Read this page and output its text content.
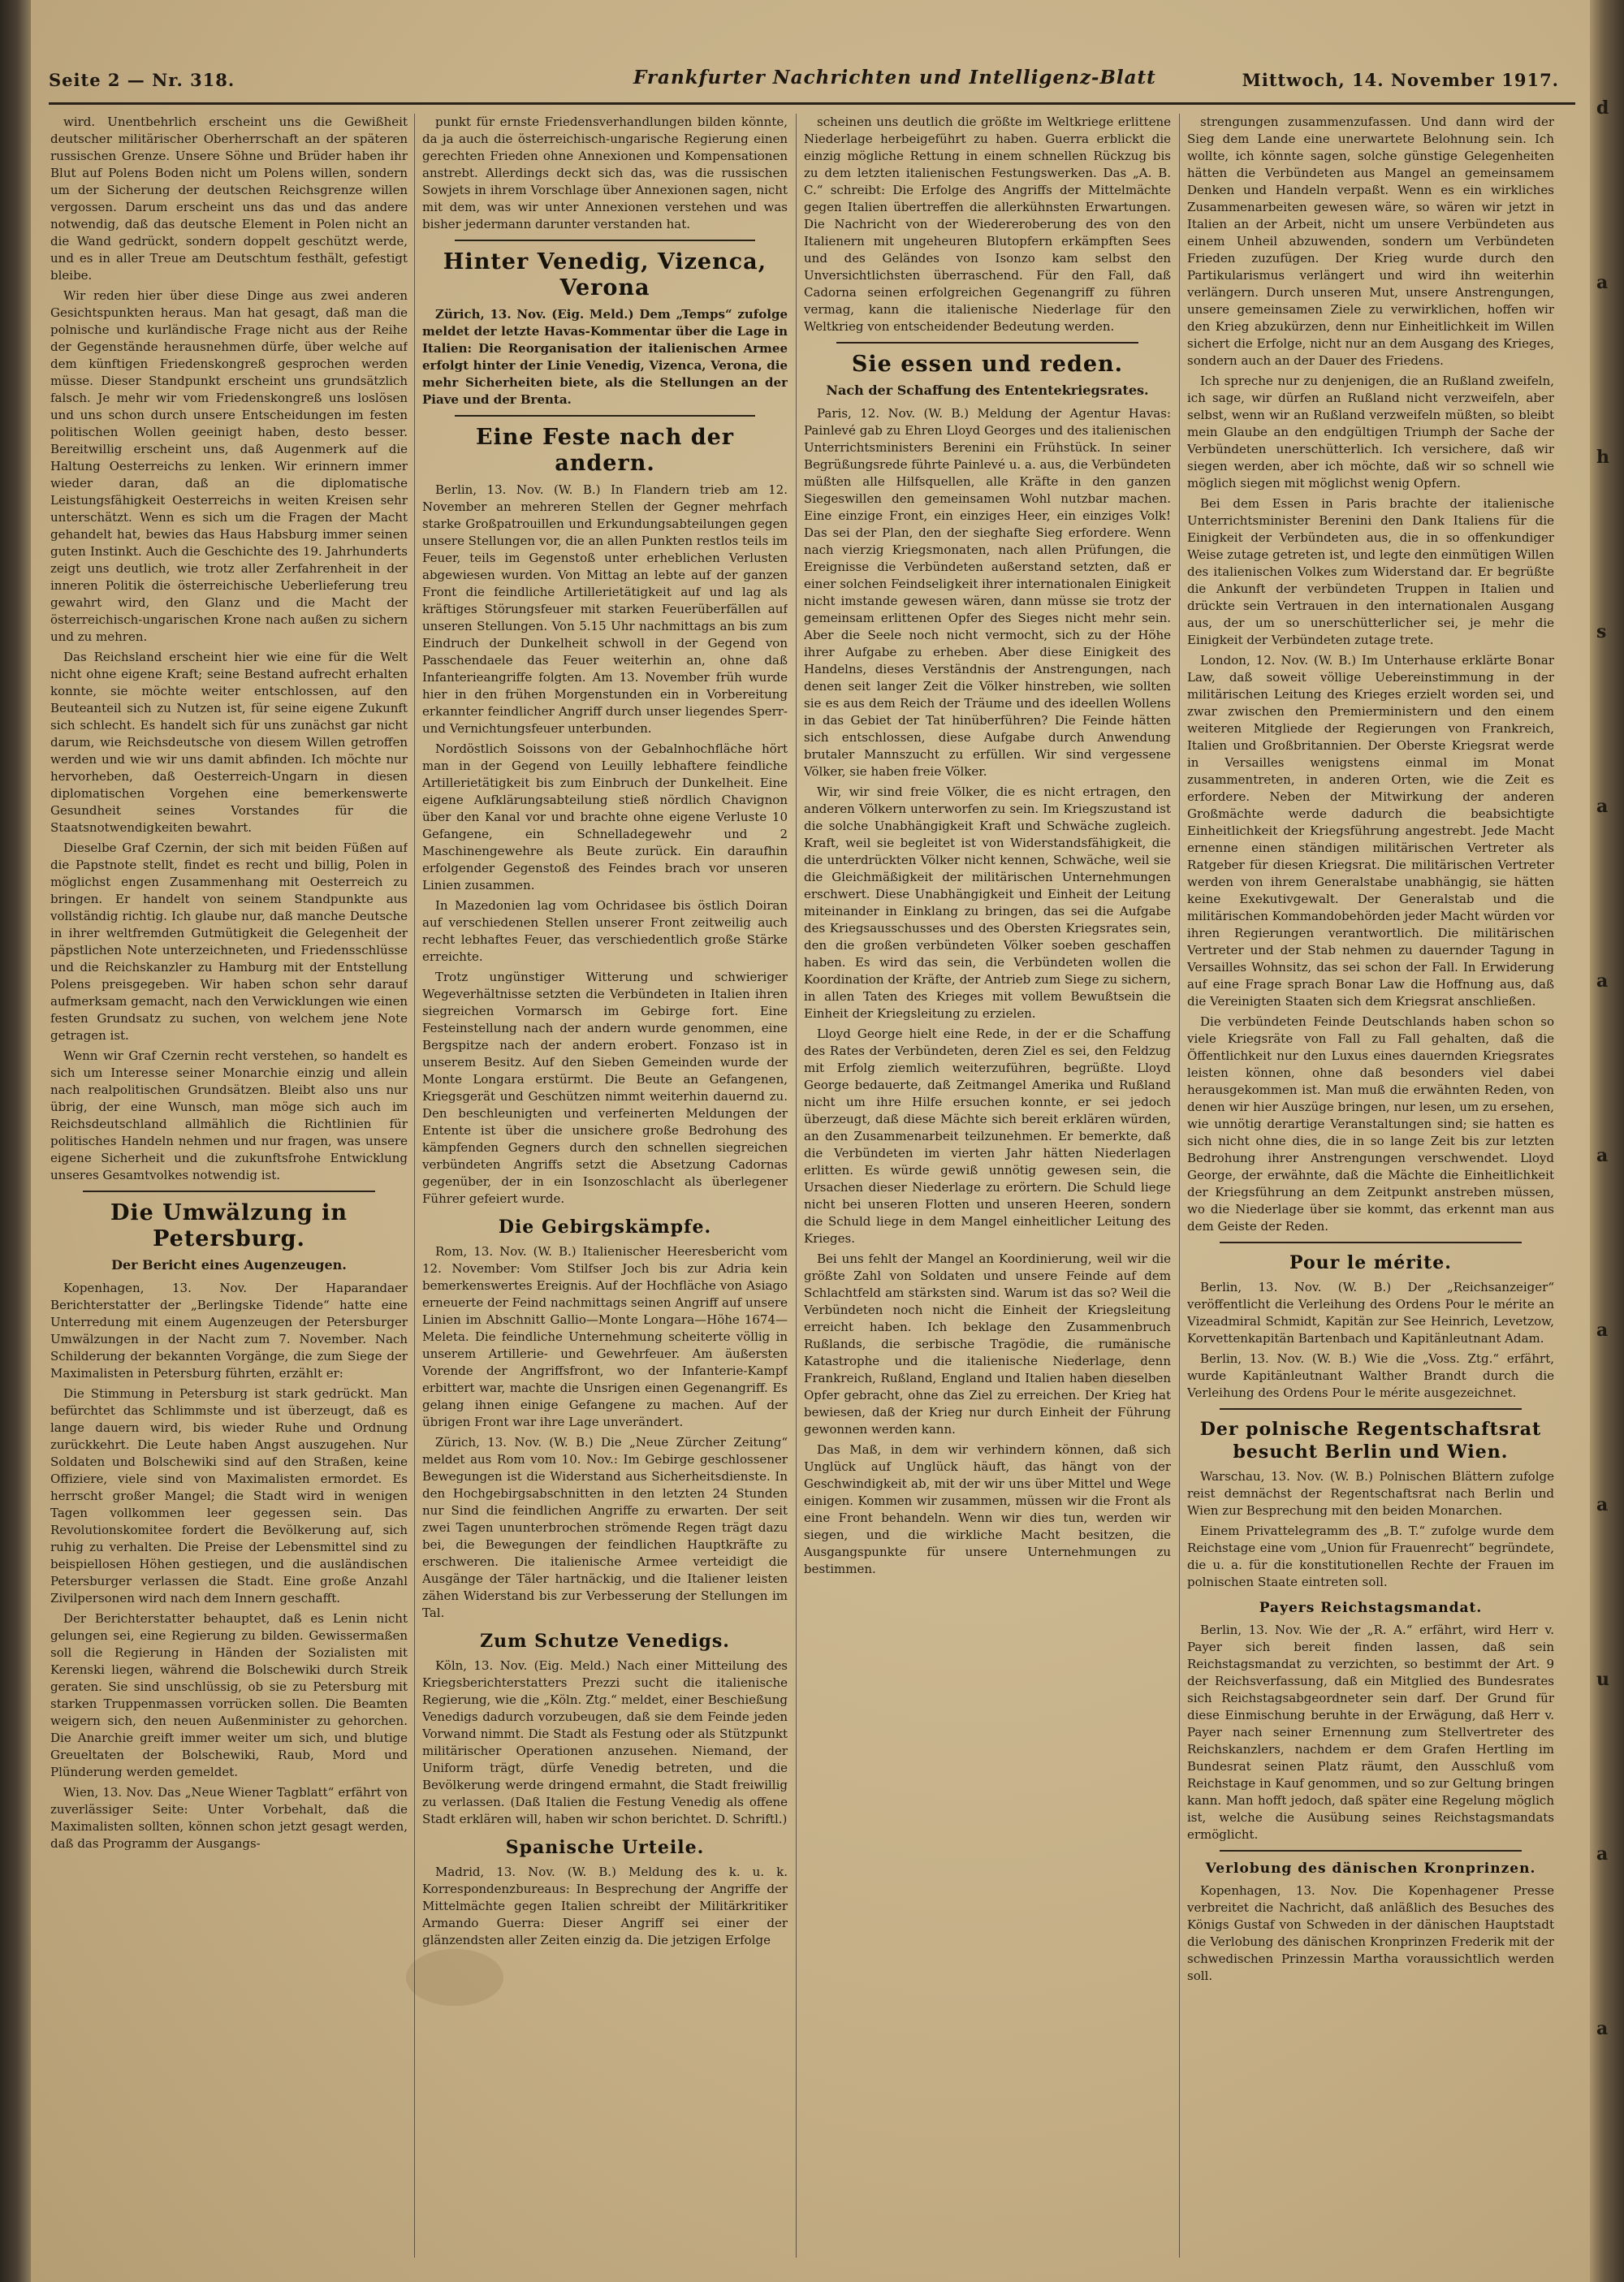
d
a
h
s
a
a
a
a
a
u
a
a
Seite 2 — Nr. 318.	Frankfurter Nachrichten und Intelligenz-Blatt	Mittwoch, 14. November 1917.

wird. Unentbehrlich erscheint uns die Gewißheit deutscher militärischer Oberherrschaft an der späteren russischen Grenze. Unsere Söhne und Brüder haben ihr Blut auf Polens Boden nicht um Polens willen, sondern um der Sicherung der deutschen Reichsgrenze willen vergossen. Darum erscheint uns das und das andere notwendig, daß das deutsche Element in Polen nicht an die Wand gedrückt, sondern doppelt geschützt werde, und es in aller Treue am Deutschtum festhält, gefestigt bleibe.

Wir reden hier über diese Dinge aus zwei anderen Gesichtspunkten heraus. Man hat gesagt, daß man die polnische und kurländische Frage nicht aus der Reihe der Gegenstände herausnehmen dürfe, über welche auf dem künftigen Friedenskongreß gesprochen werden müsse. Dieser Standpunkt erscheint uns grundsätzlich falsch. Je mehr wir vom Friedenskongreß uns loslösen und uns schon durch unsere Entscheidungen im festen politischen Wollen geeinigt haben, desto besser. Bereitwillig erscheint uns, daß Augenmerk auf die Haltung Oesterreichs zu lenken. Wir erinnern immer wieder daran, daß an die diplomatische Leistungsfähigkeit Oesterreichs in weiten Kreisen sehr unterschätzt. Wenn es sich um die Fragen der Macht gehandelt hat, bewies das Haus Habsburg immer seinen guten Instinkt. Auch die Geschichte des 19. Jahrhunderts zeigt uns deutlich, wie trotz aller Zerfahrenheit in der inneren Politik die österreichische Ueberlieferung treu gewahrt wird, den Glanz und die Macht der österreichisch-ungarischen Krone nach außen zu sichern und zu mehren.

Das Reichsland erscheint hier wie eine für die Welt nicht ohne eigene Kraft; seine Bestand aufrecht erhalten konnte, sie möchte weiter entschlossen, auf den Beuteanteil sich zu Nutzen ist, für seine eigene Zukunft sich schlecht. Es handelt sich für uns zunächst gar nicht darum, wie Reichsdeutsche von diesem Willen getroffen werden und wie wir uns damit abfinden. Ich möchte nur hervorheben, daß Oesterreich-Ungarn in diesen diplomatischen Vorgehen eine bemerkenswerte Gesundheit seines Vorstandes für die Staatsnotwendigkeiten bewahrt.

Dieselbe Graf Czernin, der sich mit beiden Füßen auf die Papstnote stellt, findet es recht und billig, Polen in möglichst engen Zusammenhang mit Oesterreich zu bringen. Er handelt von seinem Standpunkte aus vollständig richtig. Ich glaube nur, daß manche Deutsche in ihrer weltfremden Gutmütigkeit die Gelegenheit der päpstlichen Note unterzeichneten, und Friedensschlüsse und die Reichskanzler zu Hamburg mit der Entstellung Polens preisgegeben. Wir haben schon sehr darauf aufmerksam gemacht, nach den Verwicklungen wie einen festen Grundsatz zu suchen, von welchem jene Note getragen ist.

Wenn wir Graf Czernin recht verstehen, so handelt es sich um Interesse seiner Monarchie einzig und allein nach realpolitischen Grundsätzen. Bleibt also uns nur übrig, der eine Wunsch, man möge sich auch im Reichsdeutschland allmählich die Richtlinien für politisches Handeln nehmen und nur fragen, was unsere eigene Sicherheit und die zukunftsfrohe Entwicklung unseres Gesamtvolkes notwendig ist.

Die Umwälzung in Petersburg.
Der Bericht eines Augenzeugen.

Kopenhagen, 13. Nov. Der Haparandaer Berichterstatter der „Berlingske Tidende“ hatte eine Unterredung mit einem Augenzeugen der Petersburger Umwälzungen in der Nacht zum 7. November. Nach Schilderung der bekannten Vorgänge, die zum Siege der Maximalisten in Petersburg führten, erzählt er:

Die Stimmung in Petersburg ist stark gedrückt. Man befürchtet das Schlimmste und ist überzeugt, daß es lange dauern wird, bis wieder Ruhe und Ordnung zurückkehrt. Die Leute haben Angst auszugehen. Nur Soldaten und Bolschewiki sind auf den Straßen, keine Offiziere, viele sind von Maximalisten ermordet. Es herrscht großer Mangel; die Stadt wird in wenigen Tagen vollkommen leer gegessen sein. Das Revolutionskomitee fordert die Bevölkerung auf, sich ruhig zu verhalten. Die Preise der Lebensmittel sind zu beispiellosen Höhen gestiegen, und die ausländischen Petersburger verlassen die Stadt. Eine große Anzahl Zivilpersonen wird nach dem Innern geschafft.

Der Berichterstatter behauptet, daß es Lenin nicht gelungen sei, eine Regierung zu bilden. Gewissermaßen soll die Regierung in Händen der Sozialisten mit Kerenski liegen, während die Bolschewiki durch Streik geraten. Sie sind unschlüssig, ob sie zu Petersburg mit starken Truppenmassen vorrücken sollen. Die Beamten weigern sich, den neuen Außenminister zu gehorchen. Die Anarchie greift immer weiter um sich, und blutige Greueltaten der Bolschewiki, Raub, Mord und Plünderung werden gemeldet.

Wien, 13. Nov. Das „Neue Wiener Tagblatt“ erfährt von zuverlässiger Seite: Unter Vorbehalt, daß die Maximalisten sollten, können schon jetzt gesagt werden, daß das Programm der Ausgangs-

punkt für ernste Friedensverhandlungen bilden könnte, da ja auch die österreichisch-ungarische Regierung einen gerechten Frieden ohne Annexionen und Kompensationen anstrebt. Allerdings deckt sich das, was die russischen Sowjets in ihrem Vorschlage über Annexionen sagen, nicht mit dem, was wir unter Annexionen verstehen und was bisher jedermann darunter verstanden hat.

Hinter Venedig, Vizenca, Verona

Zürich, 13. Nov. (Eig. Meld.) Dem „Temps“ zufolge meldet der letzte Havas-Kommentar über die Lage in Italien: Die Reorganisation der italienischen Armee erfolgt hinter der Linie Venedig, Vizenca, Verona, die mehr Sicherheiten biete, als die Stellungen an der Piave und der Brenta.

Eine Feste nach der andern.

Berlin, 13. Nov. (W. B.) In Flandern trieb am 12. November an mehreren Stellen der Gegner mehrfach starke Großpatrouillen und Erkundungsabteilungen gegen unsere Stellungen vor, die an allen Punkten restlos teils im Feuer, teils im Gegenstoß unter erheblichen Verlusten abgewiesen wurden. Von Mittag an lebte auf der ganzen Front die feindliche Artillerietätigkeit auf und lag als kräftiges Störungsfeuer mit starken Feuerüberfällen auf unseren Stellungen. Von 5.15 Uhr nachmittags an bis zum Eindruch der Dunkelheit schwoll in der Gegend von Passchendaele das Feuer weiterhin an, ohne daß Infanterieangriffe folgten. Am 13. November früh wurde hier in den frühen Morgenstunden ein in Vorbereitung erkannter feindlicher Angriff durch unser liegendes Sperr- und Vernichtungsfeuer unterbunden.

Nordöstlich Soissons von der Gebalnhochfläche hört man in der Gegend von Leuilly lebhaftere feindliche Artillerietätigkeit bis zum Einbruch der Dunkelheit. Eine eigene Aufklärungsabteilung stieß nördlich Chavignon über den Kanal vor und brachte ohne eigene Verluste 10 Gefangene, ein Schnelladegewehr und 2 Maschinengewehre als Beute zurück. Ein daraufhin erfolgender Gegenstoß des Feindes brach vor unseren Linien zusammen.

In Mazedonien lag vom Ochridasee bis östlich Doiran auf verschiedenen Stellen unserer Front zeitweilig auch recht lebhaftes Feuer, das verschiedentlich große Stärke erreichte.

Trotz ungünstiger Witterung und schwieriger Wegeverhältnisse setzten die Verbündeten in Italien ihren siegreichen Vormarsch im Gebirge fort. Eine Festeinstellung nach der andern wurde genommen, eine Bergspitze nach der andern erobert. Fonzaso ist in unserem Besitz. Auf den Sieben Gemeinden wurde der Monte Longara erstürmt. Die Beute an Gefangenen, Kriegsgerät und Geschützen nimmt weiterhin dauernd zu. Den beschleunigten und verfeinerten Meldungen der Entente ist über die unsichere große Bedrohung des kämpfenden Gegners durch den schnellen siegreichen verbündeten Angriffs setzt die Absetzung Cadornas gegenüber, der in ein Isonzoschlacht als überlegener Führer gefeiert wurde.

Die Gebirgskämpfe.

Rom, 13. Nov. (W. B.) Italienischer Heeresbericht vom 12. November: Vom Stilfser Joch bis zur Adria kein bemerkenswertes Ereignis. Auf der Hochfläche von Asiago erneuerte der Feind nachmittags seinen Angriff auf unsere Linien im Abschnitt Gallio—Monte Longara—Höhe 1674—Meleta. Die feindliche Unternehmung scheiterte völlig in unserem Artillerie- und Gewehrfeuer. Am äußersten Vorende der Angriffsfront, wo der Infanterie-Kampf erbittert war, machte die Unsrigen einen Gegenangriff. Es gelang ihnen einige Gefangene zu machen. Auf der übrigen Front war ihre Lage unverändert.

Zürich, 13. Nov. (W. B.) Die „Neue Zürcher Zeitung“ meldet aus Rom vom 10. Nov.: Im Gebirge geschlossener Bewegungen ist die Widerstand aus Sicherheitsdienste. In den Hochgebirgsabschnitten in den letzten 24 Stunden nur Sind die feindlichen Angriffe zu erwarten. Der seit zwei Tagen ununterbrochen strömende Regen trägt dazu bei, die Bewegungen der feindlichen Hauptkräfte zu erschweren. Die italienische Armee verteidigt die Ausgänge der Täler hartnäckig, und die Italiener leisten zähen Widerstand bis zur Verbesserung der Stellungen im Tal.

Zum Schutze Venedigs.

Köln, 13. Nov. (Eig. Meld.) Nach einer Mitteilung des Kriegsberichterstatters Prezzi sucht die italienische Regierung, wie die „Köln. Ztg.“ meldet, einer Beschießung Venedigs dadurch vorzubeugen, daß sie dem Feinde jeden Vorwand nimmt. Die Stadt als Festung oder als Stützpunkt militärischer Operationen anzusehen. Niemand, der Uniform trägt, dürfe Venedig betreten, und die Bevölkerung werde dringend ermahnt, die Stadt freiwillig zu verlassen. (Daß Italien die Festung Venedig als offene Stadt erklären will, haben wir schon berichtet. D. Schriftl.)

Spanische Urteile.

Madrid, 13. Nov. (W. B.) Meldung des k. u. k. Korrespondenzbureaus: In Besprechung der Angriffe der Mittelmächte gegen Italien schreibt der Militärkritiker Armando Guerra: Dieser Angriff sei einer der glänzendsten aller Zeiten einzig da. Die jetzigen Erfolge

scheinen uns deutlich die größte im Weltkriege erlittene Niederlage herbeigeführt zu haben. Guerra erblickt die einzig mögliche Rettung in einem schnellen Rückzug bis zu dem letzten italienischen Festungswerken. Das „A. B. C.“ schreibt: Die Erfolge des Angriffs der Mittelmächte gegen Italien übertreffen die allerkühnsten Erwartungen. Die Nachricht von der Wiedereroberung des von den Italienern mit ungeheuren Blutopfern erkämpften Sees und des Geländes von Isonzo kam selbst den Unversichtlichsten überraschend. Für den Fall, daß Cadorna seinen erfolgreichen Gegenangriff zu führen vermag, kann die italienische Niederlage für den Weltkrieg von entscheidender Bedeutung werden.

Sie essen und reden.
Nach der Schaffung des Ententekriegsrates.

Paris, 12. Nov. (W. B.) Meldung der Agentur Havas: Painlevé gab zu Ehren Lloyd Georges und des italienischen Unterrichtsministers Berenini ein Frühstück. In seiner Begrüßungsrede führte Painlevé u. a. aus, die Verbündeten müßten alle Hilfsquellen, alle Kräfte in den ganzen Siegeswillen den gemeinsamen Wohl nutzbar machen. Eine einzige Front, ein einziges Heer, ein einziges Volk! Das sei der Plan, den der sieghafte Sieg erfordere. Wenn nach vierzig Kriegsmonaten, nach allen Prüfungen, die Ereignisse die Verbündeten außerstand setzten, daß er einer solchen Feindseligkeit ihrer internationalen Einigkeit nicht imstande gewesen wären, dann müsse sie trotz der gemeinsam erlittenen Opfer des Sieges nicht mehr sein. Aber die Seele noch nicht vermocht, sich zu der Höhe ihrer Aufgabe zu erheben. Aber diese Einigkeit des Handelns, dieses Verständnis der Anstrengungen, nach denen seit langer Zeit die Völker hinstreben, wie sollten sie es aus dem Reich der Träume und des ideellen Wollens in das Gebiet der Tat hinüberführen? Die Feinde hätten sich entschlossen, diese Aufgabe durch Anwendung brutaler Mannszucht zu erfüllen. Wir sind vergessene Völker, sie haben freie Völker.

Wir, wir sind freie Völker, die es nicht ertragen, den anderen Völkern unterworfen zu sein. Im Kriegszustand ist die solche Unabhängigkeit Kraft und Schwäche zugleich. Kraft, weil sie begleitet ist von Widerstandsfähigkeit, die die unterdrückten Völker nicht kennen, Schwäche, weil sie die Gleichmäßigkeit der militärischen Unternehmungen erschwert. Diese Unabhängigkeit und Einheit der Leitung miteinander in Einklang zu bringen, das sei die Aufgabe des Kriegsausschusses und des Obersten Kriegsrates sein, den die großen verbündeten Völker soeben geschaffen haben. Es wird das sein, die Verbündeten wollen die Koordination der Kräfte, der Antrieb zum Siege zu sichern, in allen Taten des Krieges mit vollem Bewußtsein die Einheit der Kriegsleitung zu erzielen.

Lloyd George hielt eine Rede, in der er die Schaffung des Rates der Verbündeten, deren Ziel es sei, den Feldzug mit Erfolg ziemlich weiterzuführen, begrüßte. Lloyd George bedauerte, daß Zeitmangel Amerika und Rußland nicht um ihre Hilfe ersuchen konnte, er sei jedoch überzeugt, daß diese Mächte sich bereit erklären würden, an den Zusammenarbeit teilzunehmen. Er bemerkte, daß die Verbündeten im vierten Jahr hätten Niederlagen erlitten. Es würde gewiß unnötig gewesen sein, die Ursachen dieser Niederlage zu erörtern. Die Schuld liege nicht bei unseren Flotten und unseren Heeren, sondern die Schuld liege in dem Mangel einheitlicher Leitung des Krieges.

Bei uns fehlt der Mangel an Koordinierung, weil wir die größte Zahl von Soldaten und unsere Feinde auf dem Schlachtfeld am stärksten sind. Warum ist das so? Weil die Verbündeten noch nicht die Einheit der Kriegsleitung erreicht haben. Ich beklage den Zusammenbruch Rußlands, die serbische Tragödie, die rumänische Katastrophe und die italienische Niederlage, denn Frankreich, Rußland, England und Italien haben dieselben Opfer gebracht, ohne das Ziel zu erreichen. Der Krieg hat bewiesen, daß der Krieg nur durch Einheit der Führung gewonnen werden kann.

Das Maß, in dem wir verhindern können, daß sich Unglück auf Unglück häuft, das hängt von der Geschwindigkeit ab, mit der wir uns über Mittel und Wege einigen. Kommen wir zusammen, müssen wir die Front als eine Front behandeln. Wenn wir dies tun, werden wir siegen, und die wirkliche Macht besitzen, die Ausgangspunkte für unsere Unternehmungen zu bestimmen.

strengungen zusammenzufassen. Und dann wird der Sieg dem Lande eine unerwartete Belohnung sein. Ich wollte, ich könnte sagen, solche günstige Gelegenheiten hätten die Verbündeten aus Mangel an gemeinsamem Denken und Handeln verpaßt. Wenn es ein wirkliches Zusammenarbeiten gewesen wäre, so wären wir jetzt in Italien an der Arbeit, nicht um unsere Verbündeten aus einem Unheil abzuwenden, sondern um Verbündeten Frieden zuzufügen. Der Krieg wurde durch den Partikularismus verlängert und wird ihn weiterhin verlängern. Durch unseren Mut, unsere Anstrengungen, unsere gemeinsamen Ziele zu verwirklichen, hoffen wir den Krieg abzukürzen, denn nur Einheitlichkeit im Willen sichert die Erfolge, nicht nur an dem Ausgang des Krieges, sondern auch an der Dauer des Friedens.

Ich spreche nur zu denjenigen, die an Rußland zweifeln, ich sage, wir dürfen an Rußland nicht verzweifeln, aber selbst, wenn wir an Rußland verzweifeln müßten, so bleibt mein Glaube an den endgültigen Triumph der Sache der Verbündeten unerschütterlich. Ich versichere, daß wir siegen werden, aber ich möchte, daß wir so schnell wie möglich siegen mit möglichst wenig Opfern.

Bei dem Essen in Paris brachte der italienische Unterrichtsminister Berenini den Dank Italiens für die Einigkeit der Verbündeten aus, die in so offenkundiger Weise zutage getreten ist, und legte den einmütigen Willen des italienischen Volkes zum Widerstand dar. Er begrüßte die Ankunft der verbündeten Truppen in Italien und drückte sein Vertrauen in den internationalen Ausgang aus, der um so unerschütterlicher sei, je mehr die Einigkeit der Verbündeten zutage trete.

London, 12. Nov. (W. B.) Im Unterhause erklärte Bonar Law, daß soweit völlige Uebereinstimmung in der militärischen Leitung des Krieges erzielt worden sei, und zwar zwischen den Premierministern und den einem weiteren Mitgliede der Regierungen von Frankreich, Italien und Großbritannien. Der Oberste Kriegsrat werde in Versailles wenigstens einmal im Monat zusammentreten, in anderen Orten, wie die Zeit es erfordere. Neben der Mitwirkung der anderen Großmächte werde dadurch die beabsichtigte Einheitlichkeit der Kriegsführung angestrebt. Jede Macht ernenne einen ständigen militärischen Vertreter als Ratgeber für diesen Kriegsrat. Die militärischen Vertreter werden von ihrem Generalstabe unabhängig, sie hätten keine Exekutivgewalt. Der Generalstab und die militärischen Kommandobehörden jeder Macht würden vor ihren Regierungen verantwortlich. Die militärischen Vertreter und der Stab nehmen zu dauernder Tagung in Versailles Wohnsitz, das sei schon der Fall. In Erwiderung auf eine Frage sprach Bonar Law die Hoffnung aus, daß die Vereinigten Staaten sich dem Kriegsrat anschließen.

Die verbündeten Feinde Deutschlands haben schon so viele Kriegsräte von Fall zu Fall gehalten, daß die Öffentlichkeit nur den Luxus eines dauernden Kriegsrates leisten können, ohne daß besonders viel dabei herausgekommen ist. Man muß die erwähnten Reden, von denen wir hier Auszüge bringen, nur lesen, um zu ersehen, wie unnötig derartige Veranstaltungen sind; sie hatten es sich nicht ohne dies, die in so lange Zeit bis zur letzten Bedrohung ihrer Anstrengungen verschwendet. Lloyd George, der erwähnte, daß die Mächte die Einheitlichkeit der Kriegsführung an dem Zeitpunkt anstreben müssen, wo die Niederlage über sie kommt, das erkennt man aus dem Geiste der Reden.

Pour le mérite.

Berlin, 13. Nov. (W. B.) Der „Reichsanzeiger“ veröffentlicht die Verleihung des Ordens Pour le mérite an Vizeadmiral Schmidt, Kapitän zur See Heinrich, Levetzow, Korvettenkapitän Bartenbach und Kapitänleutnant Adam.

Berlin, 13. Nov. (W. B.) Wie die „Voss. Ztg.“ erfährt, wurde Kapitänleutnant Walther Brandt durch die Verleihung des Ordens Pour le mérite ausgezeichnet.

Der polnische Regentschaftsrat besucht Berlin und Wien.

Warschau, 13. Nov. (W. B.) Polnischen Blättern zufolge reist demnächst der Regentschaftsrat nach Berlin und Wien zur Besprechung mit den beiden Monarchen.

Einem Privattelegramm des „B. T.“ zufolge wurde dem Reichstage eine vom „Union für Frauenrecht“ begründete, die u. a. für die konstitutionellen Rechte der Frauen im polnischen Staate eintreten soll.

Payers Reichstagsmandat.

Berlin, 13. Nov. Wie der „R. A.“ erfährt, wird Herr v. Payer sich bereit finden lassen, daß sein Reichstagsmandat zu verzichten, so bestimmt der Art. 9 der Reichsverfassung, daß ein Mitglied des Bundesrates sich Reichstagsabgeordneter sein darf. Der Grund für diese Einmischung beruhte in der Erwägung, daß Herr v. Payer nach seiner Ernennung zum Stellvertreter des Reichskanzlers, nachdem er dem Grafen Hertling im Bundesrat seinen Platz räumt, den Ausschluß vom Reichstage in Kauf genommen, und so zur Geltung bringen kann. Man hofft jedoch, daß später eine Regelung möglich ist, welche die Ausübung seines Reichstagsmandats ermöglicht.

Verlobung des dänischen Kronprinzen.

Kopenhagen, 13. Nov. Die Kopenhagener Presse verbreitet die Nachricht, daß anläßlich des Besuches des Königs Gustaf von Schweden in der dänischen Hauptstadt die Verlobung des dänischen Kronprinzen Frederik mit der schwedischen Prinzessin Martha voraussichtlich werden soll.
